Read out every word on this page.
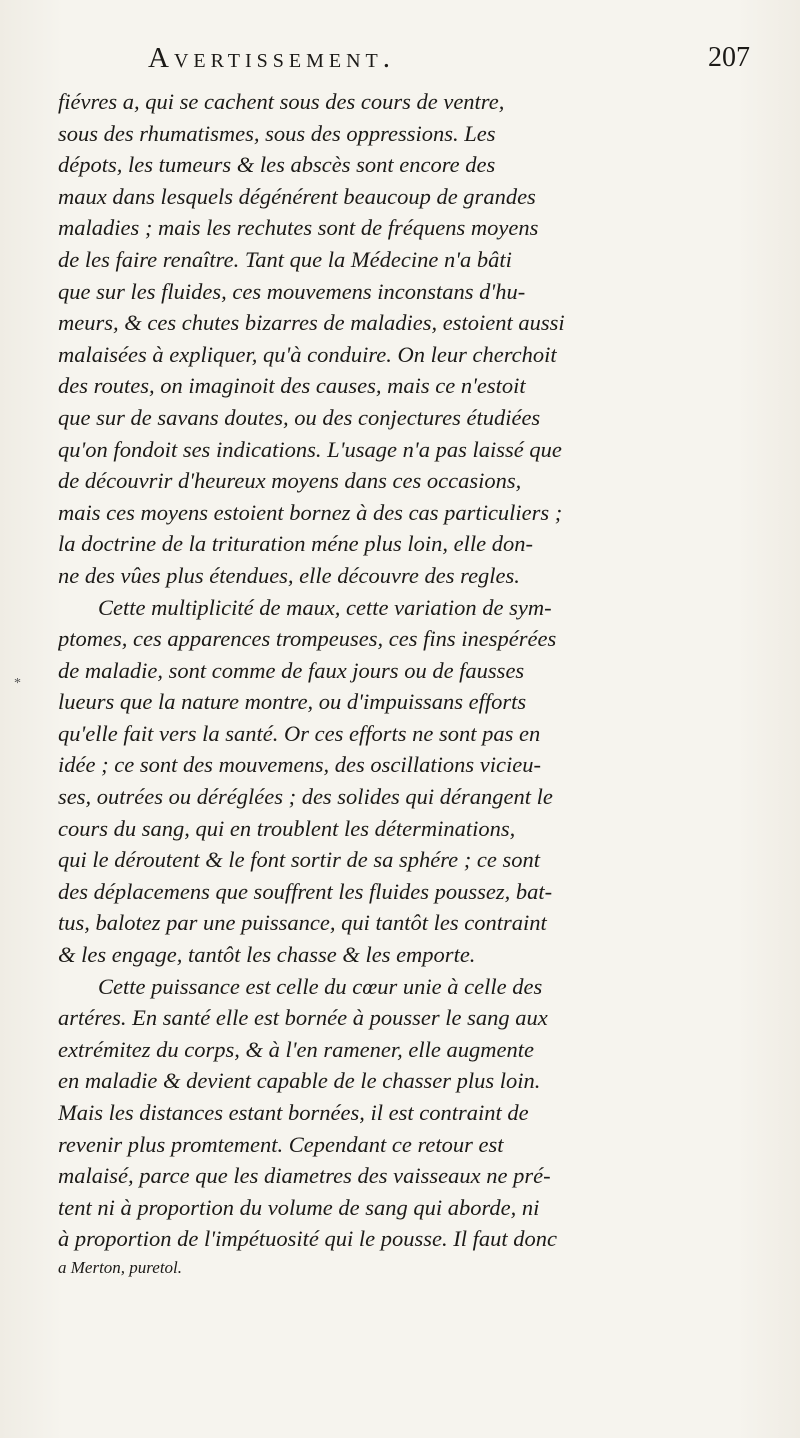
Avertissement.	207
*
fiévres a, qui se cachent sous des cours de ventre,
sous des rhumatismes, sous des oppressions. Les
dépots, les tumeurs & les abscès sont encore des
maux dans lesquels dégénérent beaucoup de grandes
maladies ; mais les rechutes sont de fréquens moyens
de les faire renaître. Tant que la Médecine n'a bâti
que sur les fluides, ces mouvemens inconstans d'hu-
meurs, & ces chutes bizarres de maladies, estoient aussi
malaisées à expliquer, qu'à conduire. On leur cherchoit
des routes, on imaginoit des causes, mais ce n'estoit
que sur de savans doutes, ou des conjectures étudiées
qu'on fondoit ses indications. L'usage n'a pas laissé que
de découvrir d'heureux moyens dans ces occasions,
mais ces moyens estoient bornez à des cas particuliers ;
la doctrine de la trituration méne plus loin, elle don-
ne des vûes plus étendues, elle découvre des regles.
Cette multiplicité de maux, cette variation de sym-
ptomes, ces apparences trompeuses, ces fins inespérées
de maladie, sont comme de faux jours ou de fausses
lueurs que la nature montre, ou d'impuissans efforts
qu'elle fait vers la santé. Or ces efforts ne sont pas en
idée ; ce sont des mouvemens, des oscillations vicieu-
ses, outrées ou déréglées ; des solides qui dérangent le
cours du sang, qui en troublent les déterminations,
qui le déroutent & le font sortir de sa sphére ; ce sont
des déplacemens que souffrent les fluides poussez, bat-
tus, balotez par une puissance, qui tantôt les contraint
& les engage, tantôt les chasse & les emporte.
Cette puissance est celle du cœur unie à celle des
artéres. En santé elle est bornée à pousser le sang aux
extrémitez du corps, & à l'en ramener, elle augmente
en maladie & devient capable de le chasser plus loin.
Mais les distances estant bornées, il est contraint de
revenir plus promtement. Cependant ce retour est
malaisé, parce que les diametres des vaisseaux ne pré-
tent ni à proportion du volume de sang qui aborde, ni
à proportion de l'impétuosité qui le pousse. Il faut donc
a Merton, puretol.
